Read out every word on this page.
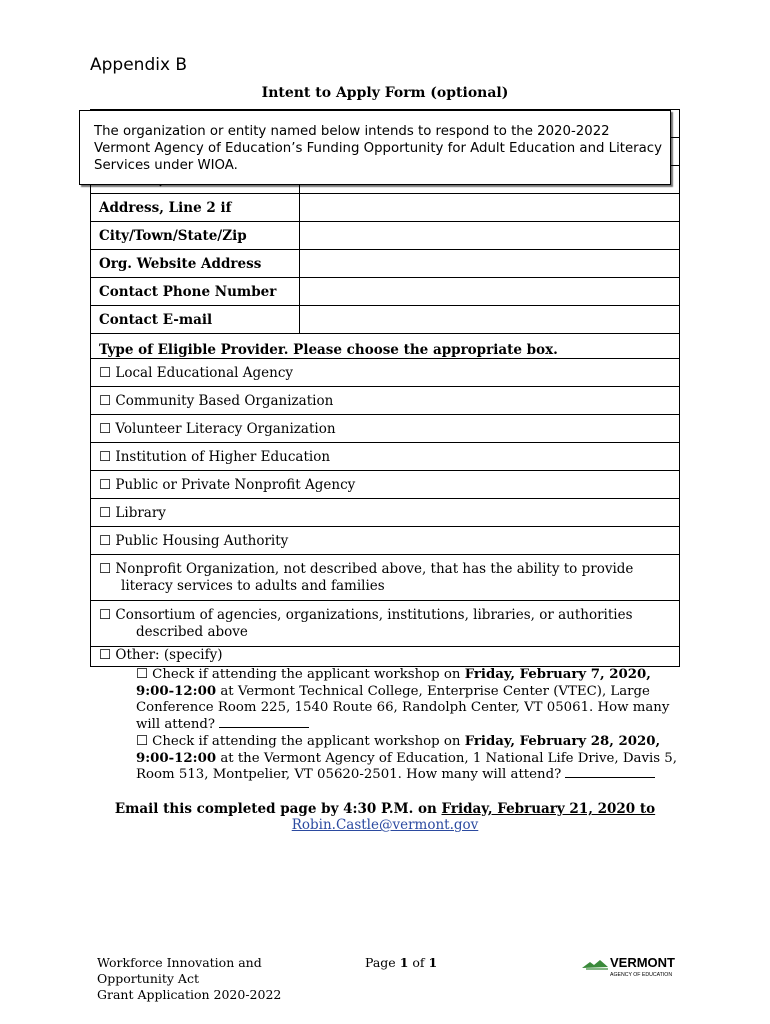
Appendix B
Intent to Apply Form (optional)

Address, Line 2 if	
City/Town/State/Zip	
Org. Website Address	
Contact Phone Number	
Contact E-mail	
Type of Eligible Provider. Please choose the appropriate box.	
☐ Local Educational Agency	
☐ Community Based Organization	
☐ Volunteer Literacy Organization	
☐ Institution of Higher Education	
☐ Public or Private Nonprofit Agency	
☐ Library	
☐ Public Housing Authority	
☐ Nonprofit Organization, not described above, that has the ability to provide
literacy services to adults and families	
☐ Consortium of agencies, organizations, institutions, libraries, or authorities
described above	
☐ Other: (specify)	
The organization or entity named below intends to respond to the 2020-2022 Vermont Agency of Education’s Funding Opportunity for Adult Education and Literacy Services under WIOA.
☐ Check if attending the applicant workshop on Friday, February 7, 2020, 9:00-12:00 at Vermont Technical College, Enterprise Center (VTEC), Large Conference Room 225, 1540 Route 66, Randolph Center, VT 05061. How many will attend?
☐ Check if attending the applicant workshop on Friday, February 28, 2020, 9:00-12:00 at the Vermont Agency of Education, 1 National Life Drive, Davis 5, Room 513, Montpelier, VT 05620-2501. How many will attend?
Email this completed page by 4:30 P.M. on Friday, February 21, 2020 to
Robin.Castle@vermont.gov
Workforce Innovation and
Opportunity Act
Grant Application 2020-2022
Page 1 of 1	VERMONT
AGENCY OF EDUCATION
